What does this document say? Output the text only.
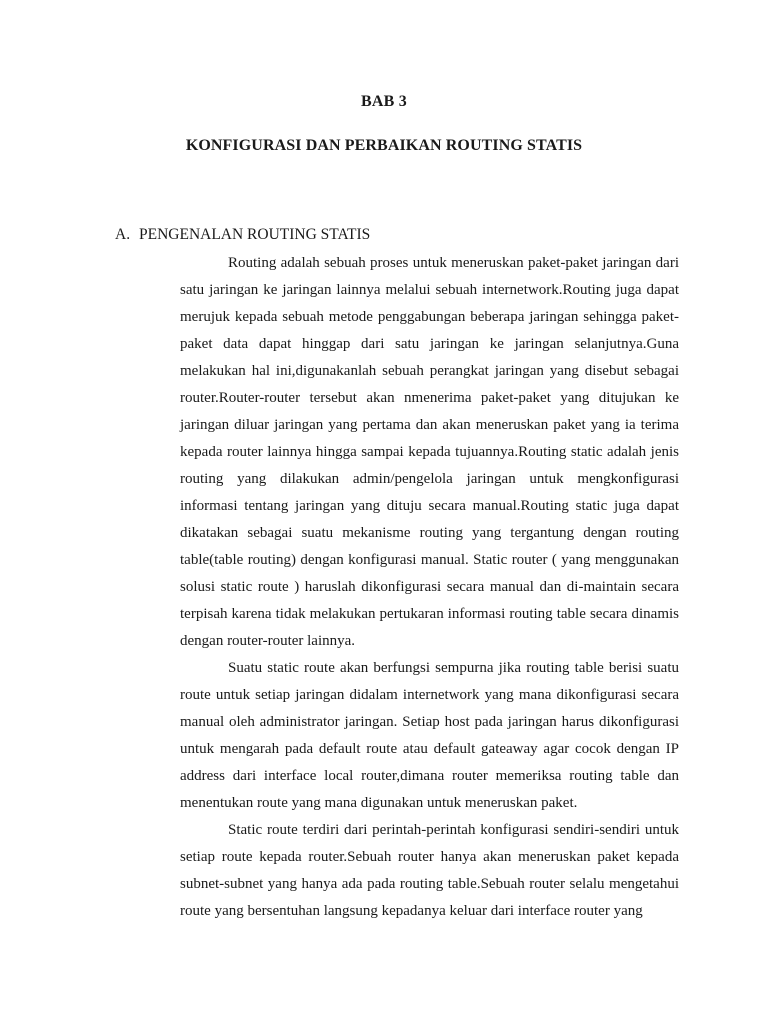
BAB 3
KONFIGURASI DAN PERBAIKAN ROUTING STATIS
A. PENGENALAN ROUTING STATIS

Routing adalah sebuah proses untuk meneruskan paket-paket jaringan dari satu jaringan ke jaringan lainnya melalui sebuah internetwork.Routing juga dapat merujuk kepada sebuah metode penggabungan beberapa jaringan sehingga paket-paket data dapat hinggap dari satu jaringan ke jaringan selanjutnya.Guna melakukan hal ini,digunakanlah sebuah perangkat jaringan yang disebut sebagai router.Router-router tersebut akan nmenerima paket-paket yang ditujukan ke jaringan diluar jaringan yang pertama dan akan meneruskan paket yang ia terima kepada router lainnya hingga sampai kepada tujuannya.Routing static adalah jenis routing yang dilakukan admin/pengelola jaringan untuk mengkonfigurasi informasi tentang jaringan yang dituju secara manual.Routing static juga dapat dikatakan sebagai suatu mekanisme routing yang tergantung dengan routing table(table routing) dengan konfigurasi manual. Static router ( yang menggunakan solusi static route ) haruslah dikonfigurasi secara manual dan di-maintain secara terpisah karena tidak melakukan pertukaran informasi routing table secara dinamis dengan router-router lainnya.

Suatu static route akan berfungsi sempurna jika routing table berisi suatu route untuk setiap jaringan didalam internetwork yang mana dikonfigurasi secara manual oleh administrator jaringan. Setiap host pada jaringan harus dikonfigurasi untuk mengarah pada default route atau default gateaway agar cocok dengan IP address dari interface local router,dimana router memeriksa routing table dan menentukan route yang mana digunakan untuk meneruskan paket.

Static route terdiri dari perintah-perintah konfigurasi sendiri-sendiri untuk setiap route kepada router.Sebuah router hanya akan meneruskan paket kepada subnet-subnet yang hanya ada pada routing table.Sebuah router selalu mengetahui route yang bersentuhan langsung kepadanya keluar dari interface router yang
